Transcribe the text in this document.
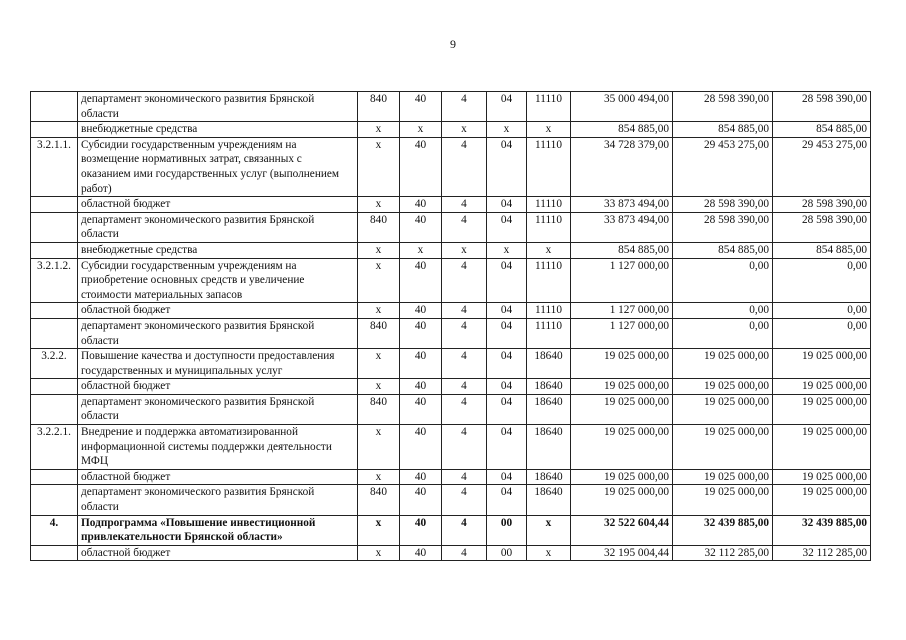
9
	департамент экономического развития Брянской области	840	40	4	04	11110	35 000 494,00	28 598 390,00	28 598 390,00
	внебюджетные средства	x	x	x	x	x	854 885,00	854 885,00	854 885,00
3.2.1.1.	Субсидии государственным учреждениям на возмещение нормативных затрат, связанных с оказанием ими государственных услуг (выполнением работ)	x	40	4	04	11110	34 728 379,00	29 453 275,00	29 453 275,00
	областной бюджет	x	40	4	04	11110	33 873 494,00	28 598 390,00	28 598 390,00
	департамент экономического развития Брянской области	840	40	4	04	11110	33 873 494,00	28 598 390,00	28 598 390,00
	внебюджетные средства	x	x	x	x	x	854 885,00	854 885,00	854 885,00
3.2.1.2.	Субсидии государственным учреждениям на приобретение основных средств и увеличение стоимости материальных запасов	x	40	4	04	11110	1 127 000,00	0,00	0,00
	областной бюджет	x	40	4	04	11110	1 127 000,00	0,00	0,00
	департамент экономического развития Брянской области	840	40	4	04	11110	1 127 000,00	0,00	0,00
3.2.2.	Повышение качества и доступности предоставления государственных и муниципальных услуг	x	40	4	04	18640	19 025 000,00	19 025 000,00	19 025 000,00
	областной бюджет	x	40	4	04	18640	19 025 000,00	19 025 000,00	19 025 000,00
	департамент экономического развития Брянской области	840	40	4	04	18640	19 025 000,00	19 025 000,00	19 025 000,00
3.2.2.1.	Внедрение и поддержка автоматизированной информационной системы поддержки деятельности МФЦ	x	40	4	04	18640	19 025 000,00	19 025 000,00	19 025 000,00
	областной бюджет	x	40	4	04	18640	19 025 000,00	19 025 000,00	19 025 000,00
	департамент экономического развития Брянской области	840	40	4	04	18640	19 025 000,00	19 025 000,00	19 025 000,00
4.	Подпрограмма «Повышение инвестиционной привлекательности Брянской области»	x	40	4	00	x	32 522 604,44	32 439 885,00	32 439 885,00
	областной бюджет	x	40	4	00	x	32 195 004,44	32 112 285,00	32 112 285,00
